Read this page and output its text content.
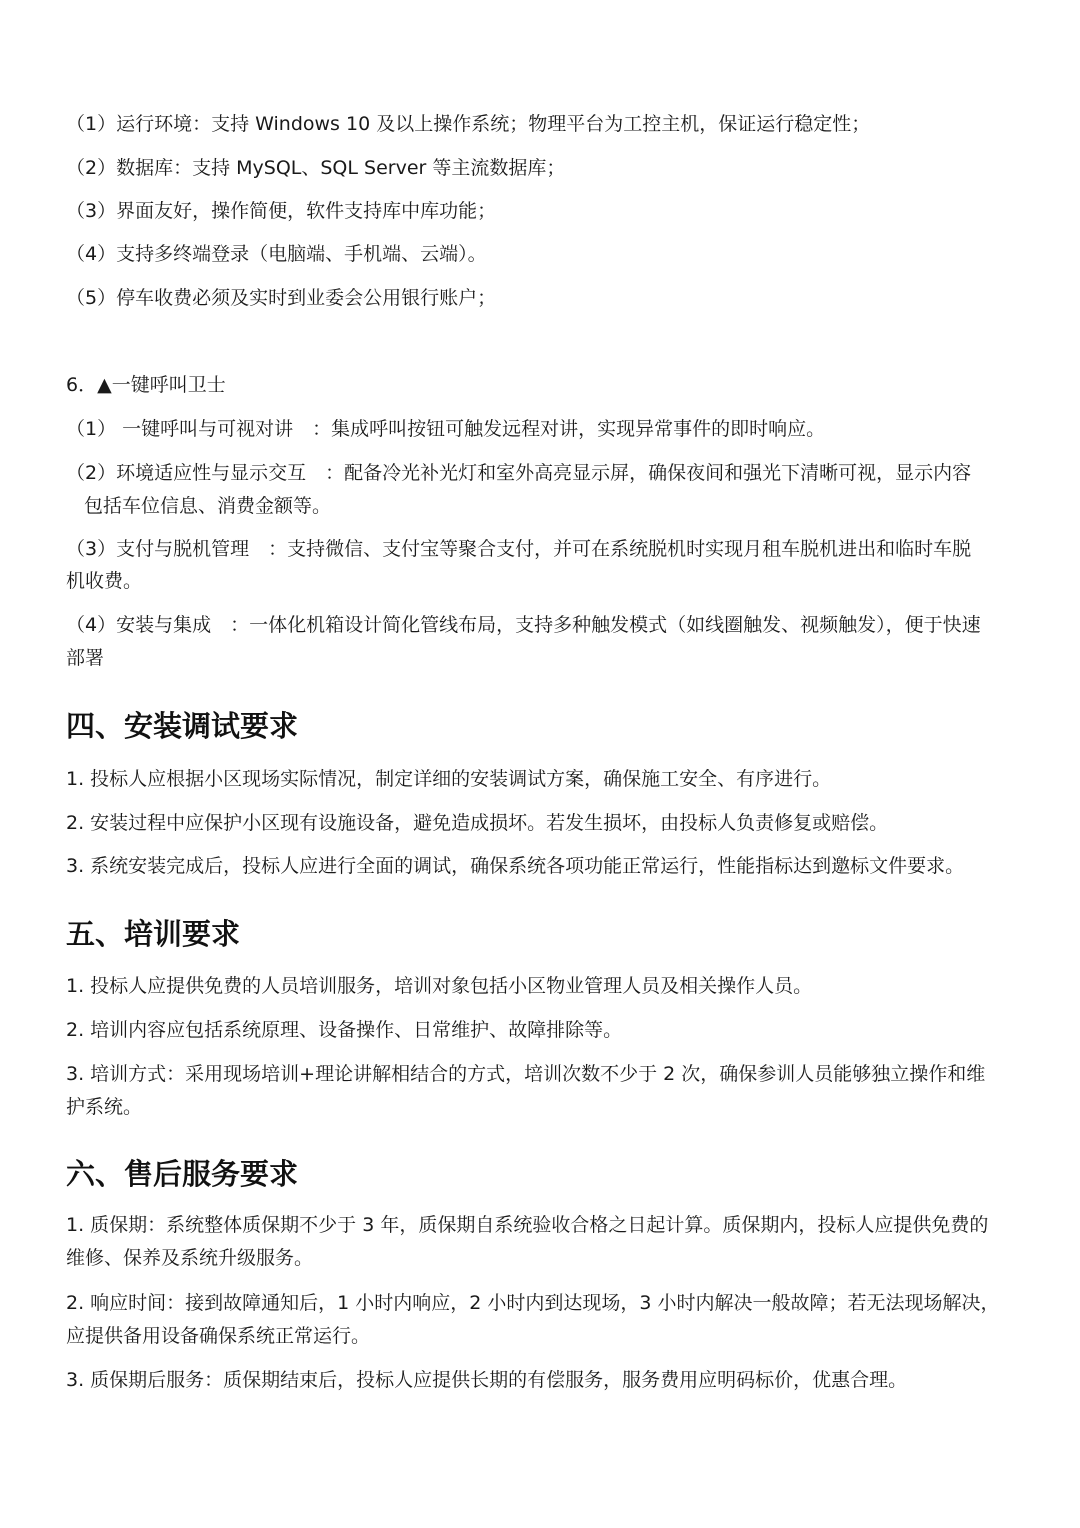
（1）运行环境：支持 Windows 10 及以上操作系统；物理平台为工控主机，保证运行稳定性；
（2）数据库：支持 MySQL、SQL Server 等主流数据库；
（3）界面友好，操作简便，软件支持库中库功能；
（4）支持多终端登录（电脑端、手机端、云端）。
（5）停车收费必须及实时到业委会公用银行账户；
6．▲一键呼叫卫士
（1） 一键呼叫与可视对讲　：集成呼叫按钮可触发远程对讲，实现异常事件的即时响应。
（2）环境适应性与显示交互　：配备冷光补光灯和室外高亮显示屏，确保夜间和强光下清晰可视，显示内容
包括车位信息、消费金额等。
（3）支付与脱机管理　：支持微信、支付宝等聚合支付，并可在系统脱机时实现月租车脱机进出和临时车脱
机收费。
（4）安装与集成　：一体化机箱设计简化管线布局，支持多种触发模式（如线圈触发、视频触发），便于快速
部署
四、安装调试要求
1. 投标人应根据小区现场实际情况，制定详细的安装调试方案，确保施工安全、有序进行。
2. 安装过程中应保护小区现有设施设备，避免造成损坏。若发生损坏，由投标人负责修复或赔偿。
3. 系统安装完成后，投标人应进行全面的调试，确保系统各项功能正常运行，性能指标达到邀标文件要求。
五、培训要求
1. 投标人应提供免费的人员培训服务，培训对象包括小区物业管理人员及相关操作人员。
2. 培训内容应包括系统原理、设备操作、日常维护、故障排除等。
3. 培训方式：采用现场培训+理论讲解相结合的方式，培训次数不少于 2 次，确保参训人员能够独立操作和维
护系统。
六、售后服务要求
1. 质保期：系统整体质保期不少于 3 年，质保期自系统验收合格之日起计算。质保期内，投标人应提供免费的
维修、保养及系统升级服务。
2. 响应时间：接到故障通知后，1 小时内响应，2 小时内到达现场，3 小时内解决一般故障；若无法现场解决，
应提供备用设备确保系统正常运行。
3. 质保期后服务：质保期结束后，投标人应提供长期的有偿服务，服务费用应明码标价，优惠合理。
